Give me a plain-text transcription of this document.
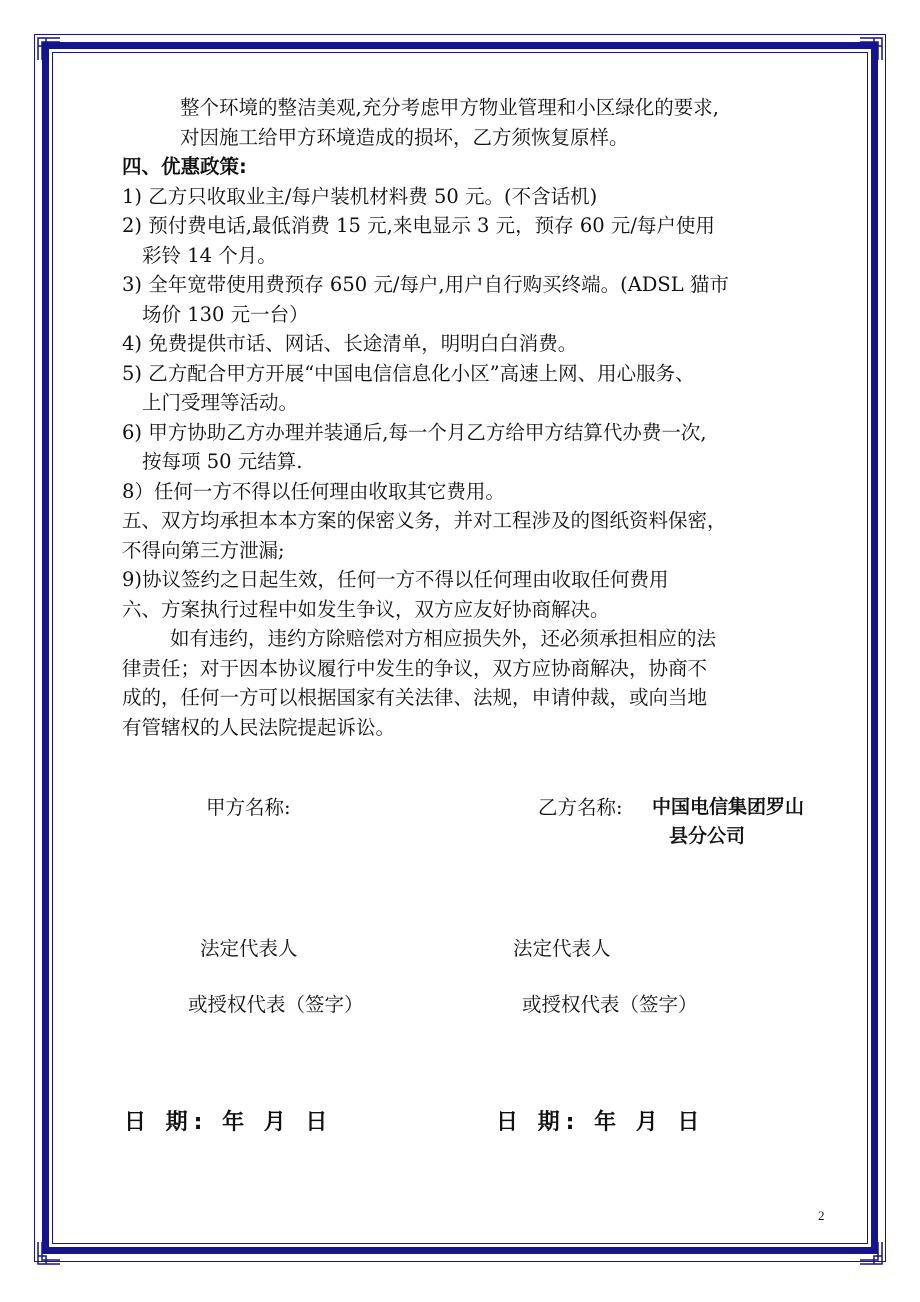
整个环境的整洁美观,充分考虑甲方物业管理和小区绿化的要求,
对因施工给甲方环境造成的损坏，乙方须恢复原样。
四、优惠政策:
1) 乙方只收取业主/每户装机材料费 50 元。(不含话机)
2) 预付费电话,最低消费 15 元,来电显示 3 元，预存 60 元/每户使用
彩铃 14 个月。
3) 全年宽带使用费预存 650 元/每户,用户自行购买终端。(ADSL 猫市
场价 130 元一台）
4) 免费提供市话、网话、长途清单，明明白白消费。
5) 乙方配合甲方开展“中国电信信息化小区”高速上网、用心服务、
上门受理等活动。
6) 甲方协助乙方办理并装通后,每一个月乙方给甲方结算代办费一次,
按每项 50 元结算.
8）任何一方不得以任何理由收取其它费用。
五、双方均承担本本方案的保密义务，并对工程涉及的图纸资料保密，
不得向第三方泄漏;
9)协议签约之日起生效，任何一方不得以任何理由收取任何费用
六、方案执行过程中如发生争议，双方应友好协商解决。
如有违约，违约方除赔偿对方相应损失外，还必须承担相应的法
律责任；对于因本协议履行中发生的争议，双方应协商解决，协商不
成的，任何一方可以根据国家有关法律、法规，申请仲裁，或向当地
有管辖权的人民法院提起诉讼。
甲方名称:	乙方名称: 中国电信集团罗山
县分公司
法定代表人	法定代表人
或授权代表（签字）	或授权代表（签字）
日 期: 年 月 日	日 期: 年 月 日
2
